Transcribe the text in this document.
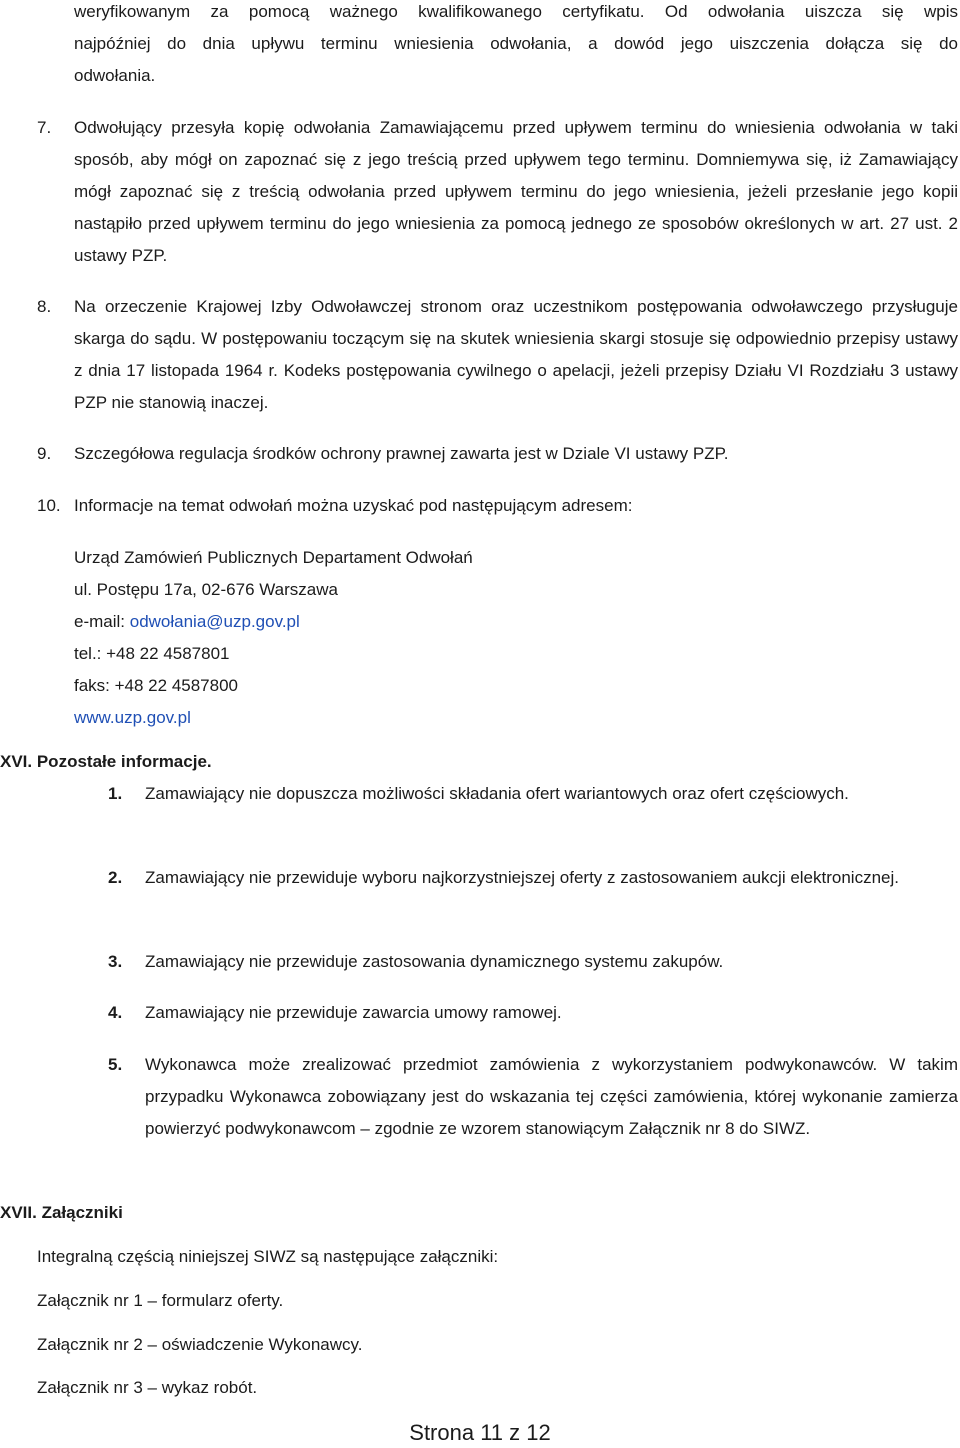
weryfikowanym za pomocą ważnego kwalifikowanego certyfikatu. Od odwołania uiszcza się wpis
najpóźniej do dnia upływu terminu wniesienia odwołania, a dowód jego uiszczenia dołącza się do
odwołania.
7. Odwołujący przesyła kopię odwołania Zamawiającemu przed upływem terminu do wniesienia odwołania w taki sposób, aby mógł on zapoznać się z jego treścią przed upływem tego terminu. Domniemywa się, iż Zamawiający mógł zapoznać się z treścią odwołania przed upływem terminu do jego wniesienia, jeżeli przesłanie jego kopii nastąpiło przed upływem terminu do jego wniesienia za pomocą jednego ze sposobów określonych w art. 27 ust. 2 ustawy PZP.
8. Na orzeczenie Krajowej Izby Odwoławczej stronom oraz uczestnikom postępowania odwoławczego przysługuje skarga do sądu. W postępowaniu toczącym się na skutek wniesienia skargi stosuje się odpowiednio przepisy ustawy z dnia 17 listopada 1964 r. Kodeks postępowania cywilnego o apelacji, jeżeli przepisy Działu VI Rozdziału 3 ustawy PZP nie stanowią inaczej.
9. Szczegółowa regulacja środków ochrony prawnej zawarta jest w Dziale VI ustawy PZP.
10. Informacje na temat odwołań można uzyskać pod następującym adresem:
Urząd Zamówień Publicznych Departament Odwołań
ul. Postępu 17a, 02-676 Warszawa
e-mail: odwołania@uzp.gov.pl
tel.: +48 22 4587801
faks: +48 22 4587800
www.uzp.gov.pl
XVI. Pozostałe informacje.
1. Zamawiający nie dopuszcza możliwości składania ofert wariantowych oraz ofert częściowych.
2. Zamawiający nie przewiduje wyboru najkorzystniejszej oferty z zastosowaniem aukcji elektronicznej.
3. Zamawiający nie przewiduje zastosowania dynamicznego systemu zakupów.
4. Zamawiający nie przewiduje zawarcia umowy ramowej.
5. Wykonawca może zrealizować przedmiot zamówienia z wykorzystaniem podwykonawców. W takim przypadku Wykonawca zobowiązany jest do wskazania tej części zamówienia, której wykonanie zamierza powierzyć podwykonawcom – zgodnie ze wzorem stanowiącym Załącznik nr 8 do SIWZ.
XVII. Załączniki
Integralną częścią niniejszej SIWZ są następujące załączniki:
Załącznik nr 1 – formularz oferty.
Załącznik nr 2 – oświadczenie Wykonawcy.
Załącznik nr 3 – wykaz robót.
Strona 11 z 12
